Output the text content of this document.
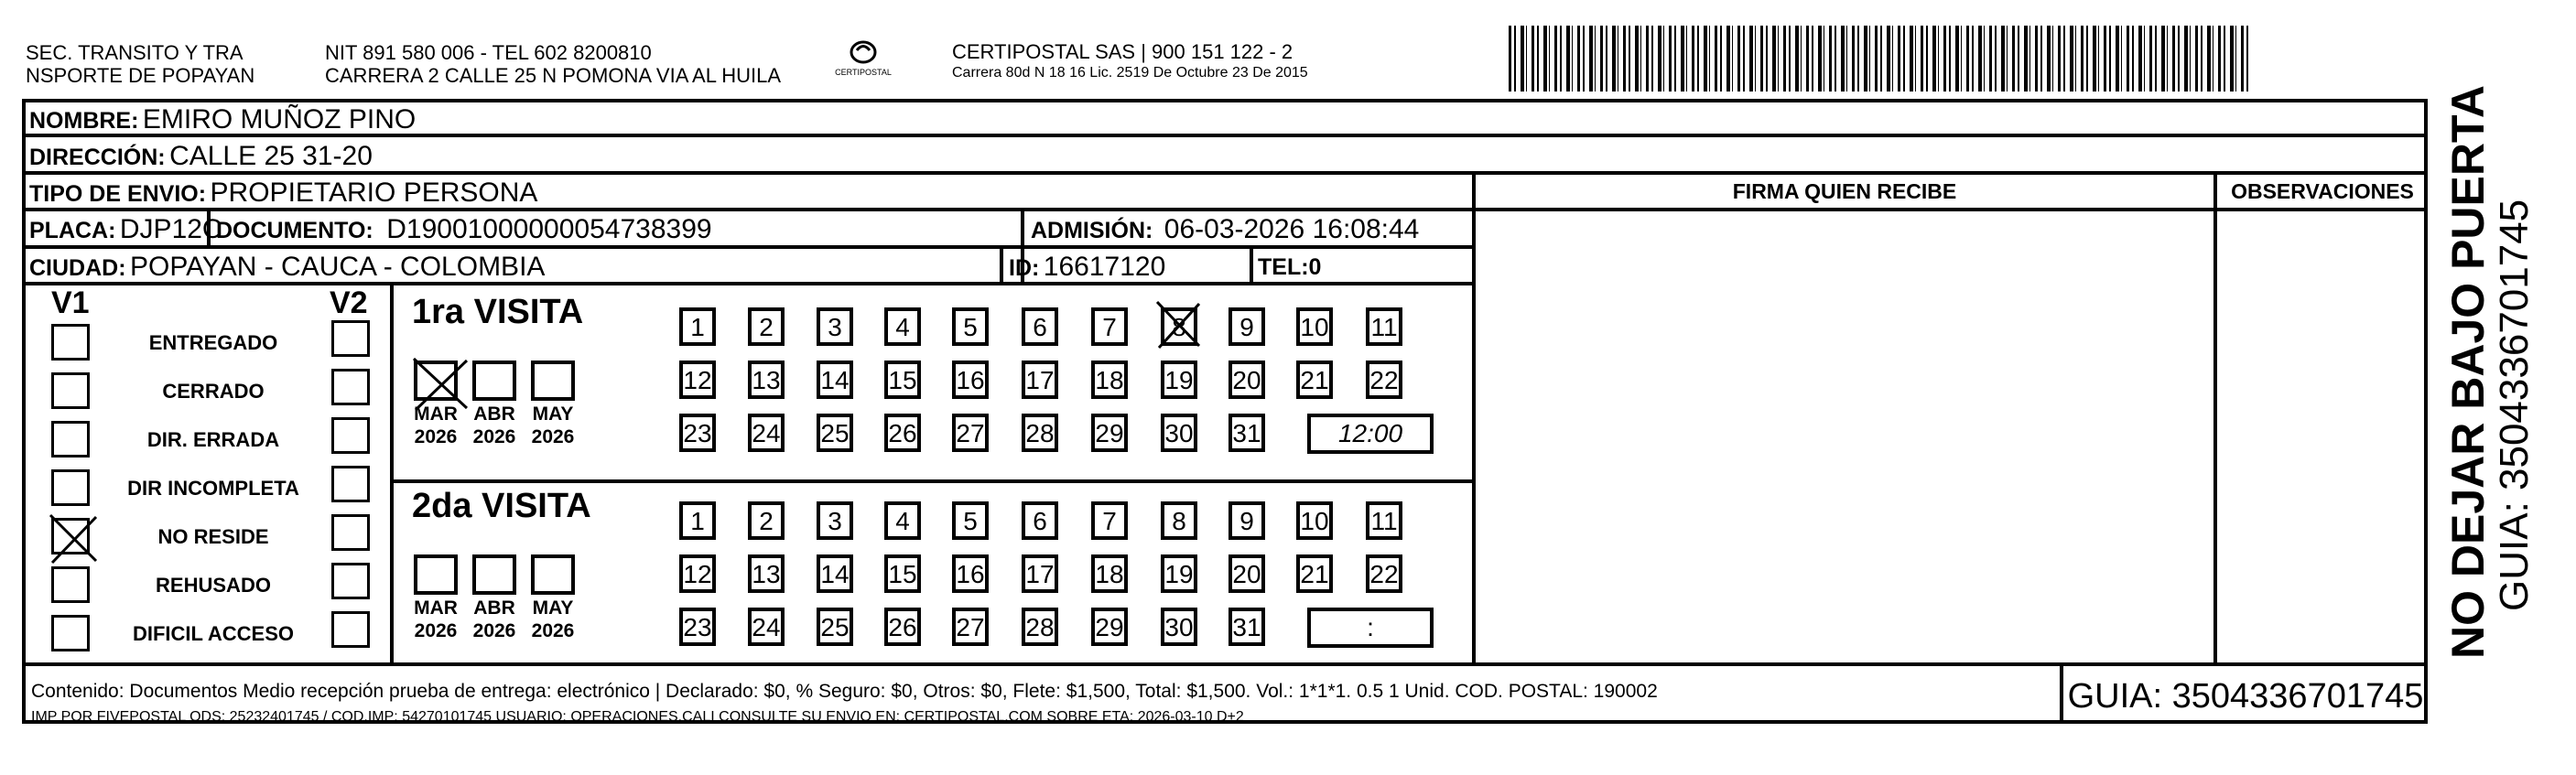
SEC. TRANSITO Y TRA
NSPORTE DE POPAYAN
NIT 891 580 006 - TEL 602 8200810
CARRERA 2 CALLE 25 N POMONA VIA AL HUILA	CERTIPOSTAL
CERTIPOSTAL SAS | 900 151 122 - 2
Carrera 80d N 18 16 Lic. 2519 De Octubre 23 De 2015
NOMBRE: EMIRO MUÑOZ PINO
DIRECCIÓN: CALLE 25 31-20
TIPO DE ENVIO: PROPIETARIO PERSONA
PLACA: DJP12C
DOCUMENTO: D19001000000054738399	ADMISIÓN: 06-03-2026 16:08:44
CIUDAD: POPAYAN - CAUCA - COLOMBIA	ID: 16617120	TEL:0
FIRMA QUIEN RECIBE	OBSERVACIONES
V1	V2
ENTREGADO
CERRADO
DIR. ERRADA
DIR INCOMPLETA
NO RESIDE
REHUSADO
DIFICIL ACCESO
1ra VISITA
MAR
2026
ABR
2026
MAY
2026
1	2	3	4	5	6	7	8	9	10 11
12 13 14 15 16 17 18 19 20 21 22
23 24 25 26 27 28 29 30 31	12:00
2da VISITA
MAR
2026
ABR
2026
MAY
2026
1	2	3	4	5	6	7	8	9	10 11
12 13 14 15 16 17 18 19 20 21 22
23 24 25 26 27 28 29 30 31	:
Contenido: Documentos Medio recepción prueba de entrega: electrónico | Declarado: $0, % Seguro: $0, Otros: $0, Flete: $1,500, Total: $1,500. Vol.: 1*1*1. 0.5 1 Unid. COD. POSTAL: 190002
IMP POR FIVEPOSTAL ODS: 25232401745 / COD.IMP: 54270101745 USUARIO: OPERACIONES.CALI CONSULTE SU ENVIO EN: CERTIPOSTAL.COM SOBRE ETA: 2026-03-10 D+2
GUIA: 3504336701745
NO DEJAR BAJO PUERTA
GUIA: 3504336701745
